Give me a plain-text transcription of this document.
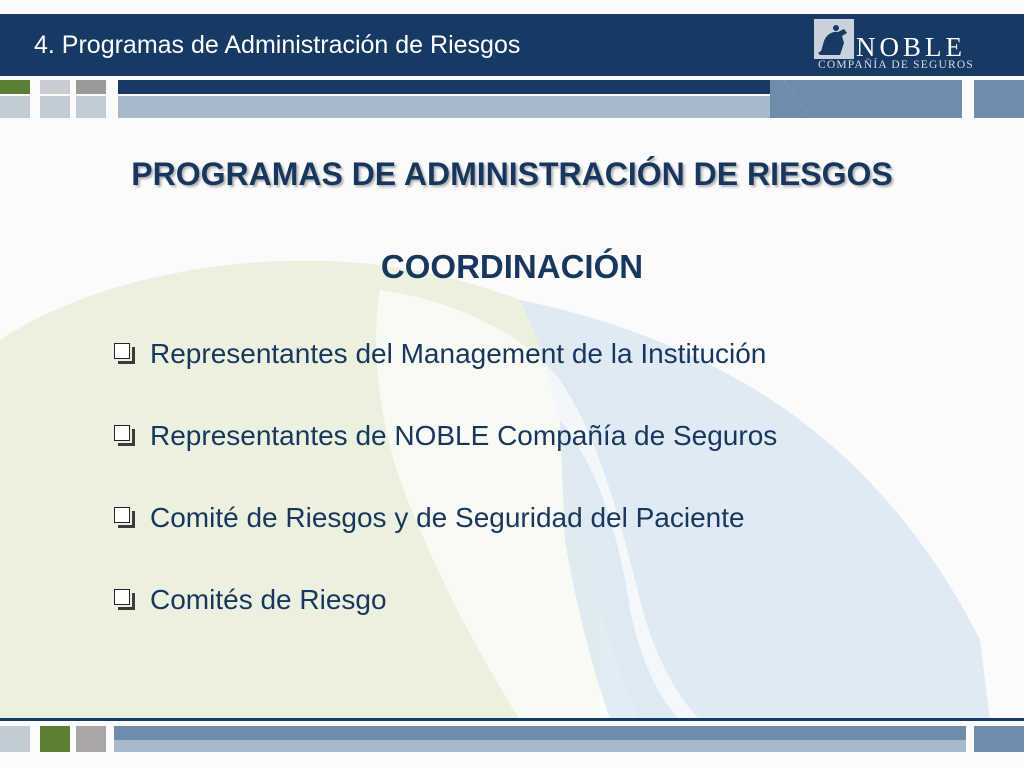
4. Programas de Administración de Riesgos	NOBLE
COMPAÑÍA DE SEGUROS
PROGRAMAS DE ADMINISTRACIÓN DE RIESGOS
COORDINACIÓN
Representantes del Management de la Institución
Representantes de NOBLE Compañía de Seguros
Comité de Riesgos y de Seguridad del Paciente
Comités de Riesgo
